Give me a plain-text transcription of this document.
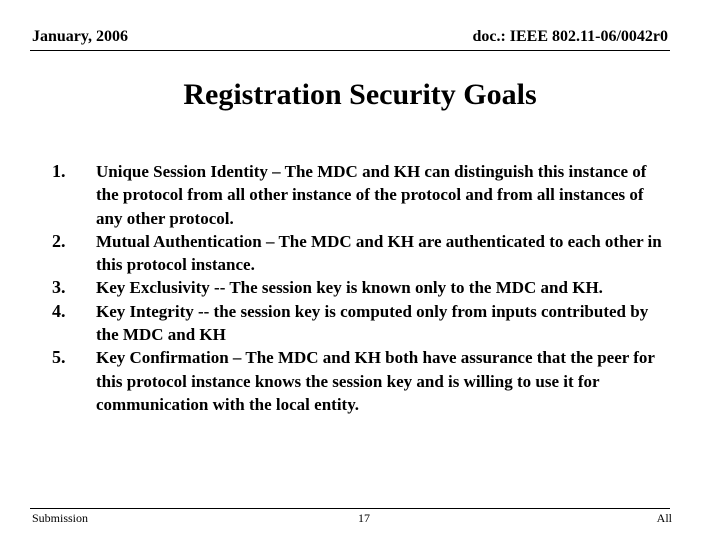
January, 2006	doc.: IEEE 802.11-06/0042r0
Registration Security Goals
1.	Unique Session Identity – The MDC and KH can distinguish this instance of the protocol from all other instance of the protocol and from all instances of any other protocol.
2.	Mutual Authentication – The MDC and KH are authenticated to each other in this protocol instance.
3.	Key Exclusivity -- The session key is known only to the MDC and KH.
4.	Key Integrity -- the session key is computed only from inputs contributed by the MDC and KH
5.	Key Confirmation – The MDC and KH both have assurance that the peer for this protocol instance knows the session key and is willing to use it for communication with the local entity.
Submission	17	All
